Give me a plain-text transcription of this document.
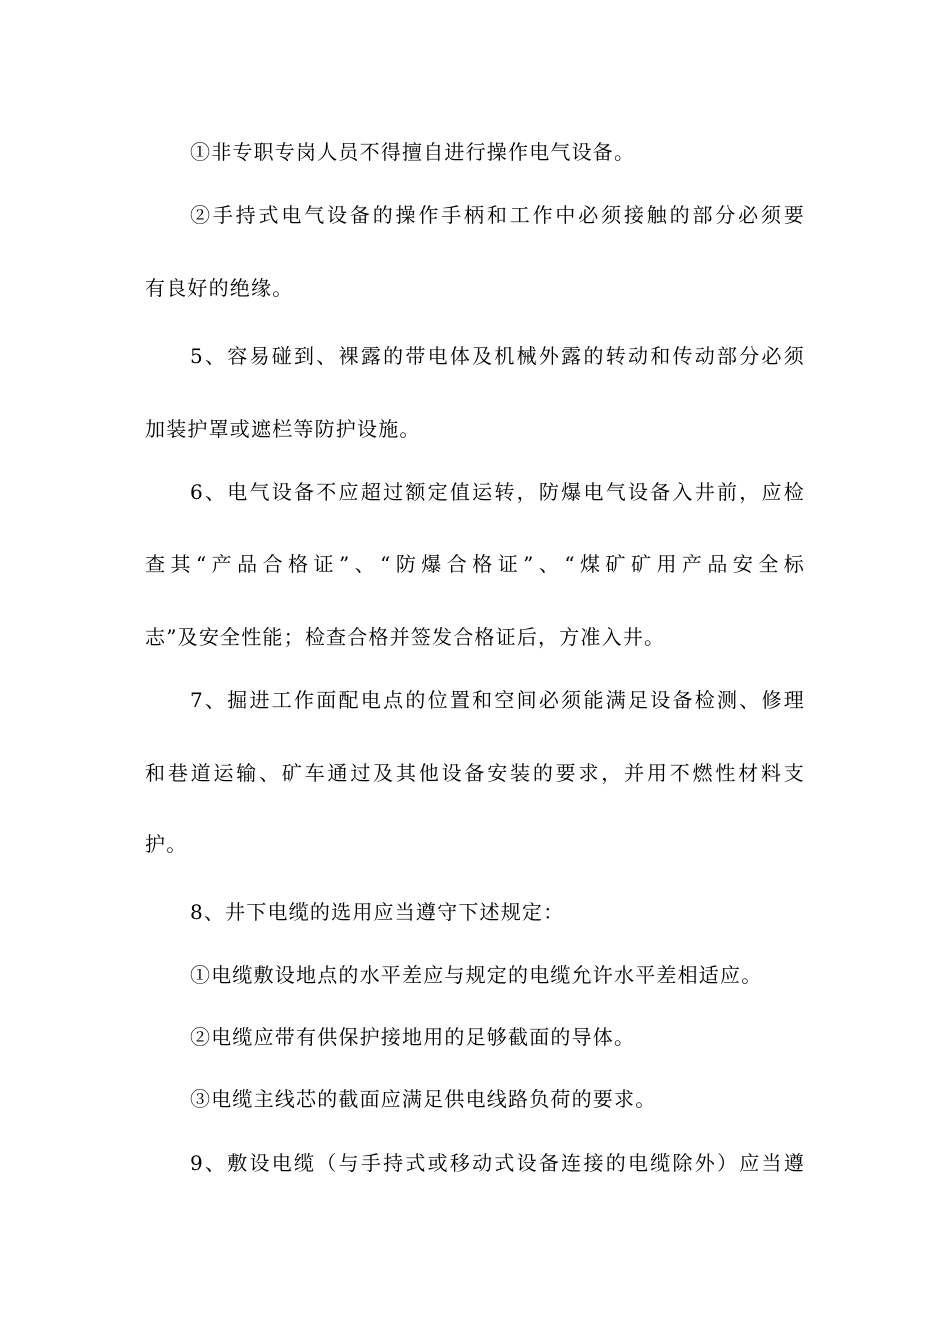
①非专职专岗人员不得擅自进行操作电气设备。
②手持式电气设备的操作手柄和工作中必须接触的部分必须要
有良好的绝缘。
5、容易碰到、裸露的带电体及机械外露的转动和传动部分必须
加装护罩或遮栏等防护设施。
6、电气设备不应超过额定值运转，防爆电气设备入井前，应检
查其“产品合格证”、“防爆合格证”、“煤矿矿用产品安全标
志”及安全性能；检查合格并签发合格证后，方准入井。
7、掘进工作面配电点的位置和空间必须能满足设备检测、修理
和巷道运输、矿车通过及其他设备安装的要求，并用不燃性材料支
护。
8、井下电缆的选用应当遵守下述规定：
①电缆敷设地点的水平差应与规定的电缆允许水平差相适应。
②电缆应带有供保护接地用的足够截面的导体。
③电缆主线芯的截面应满足供电线路负荷的要求。
9、敷设电缆（与手持式或移动式设备连接的电缆除外）应当遵
